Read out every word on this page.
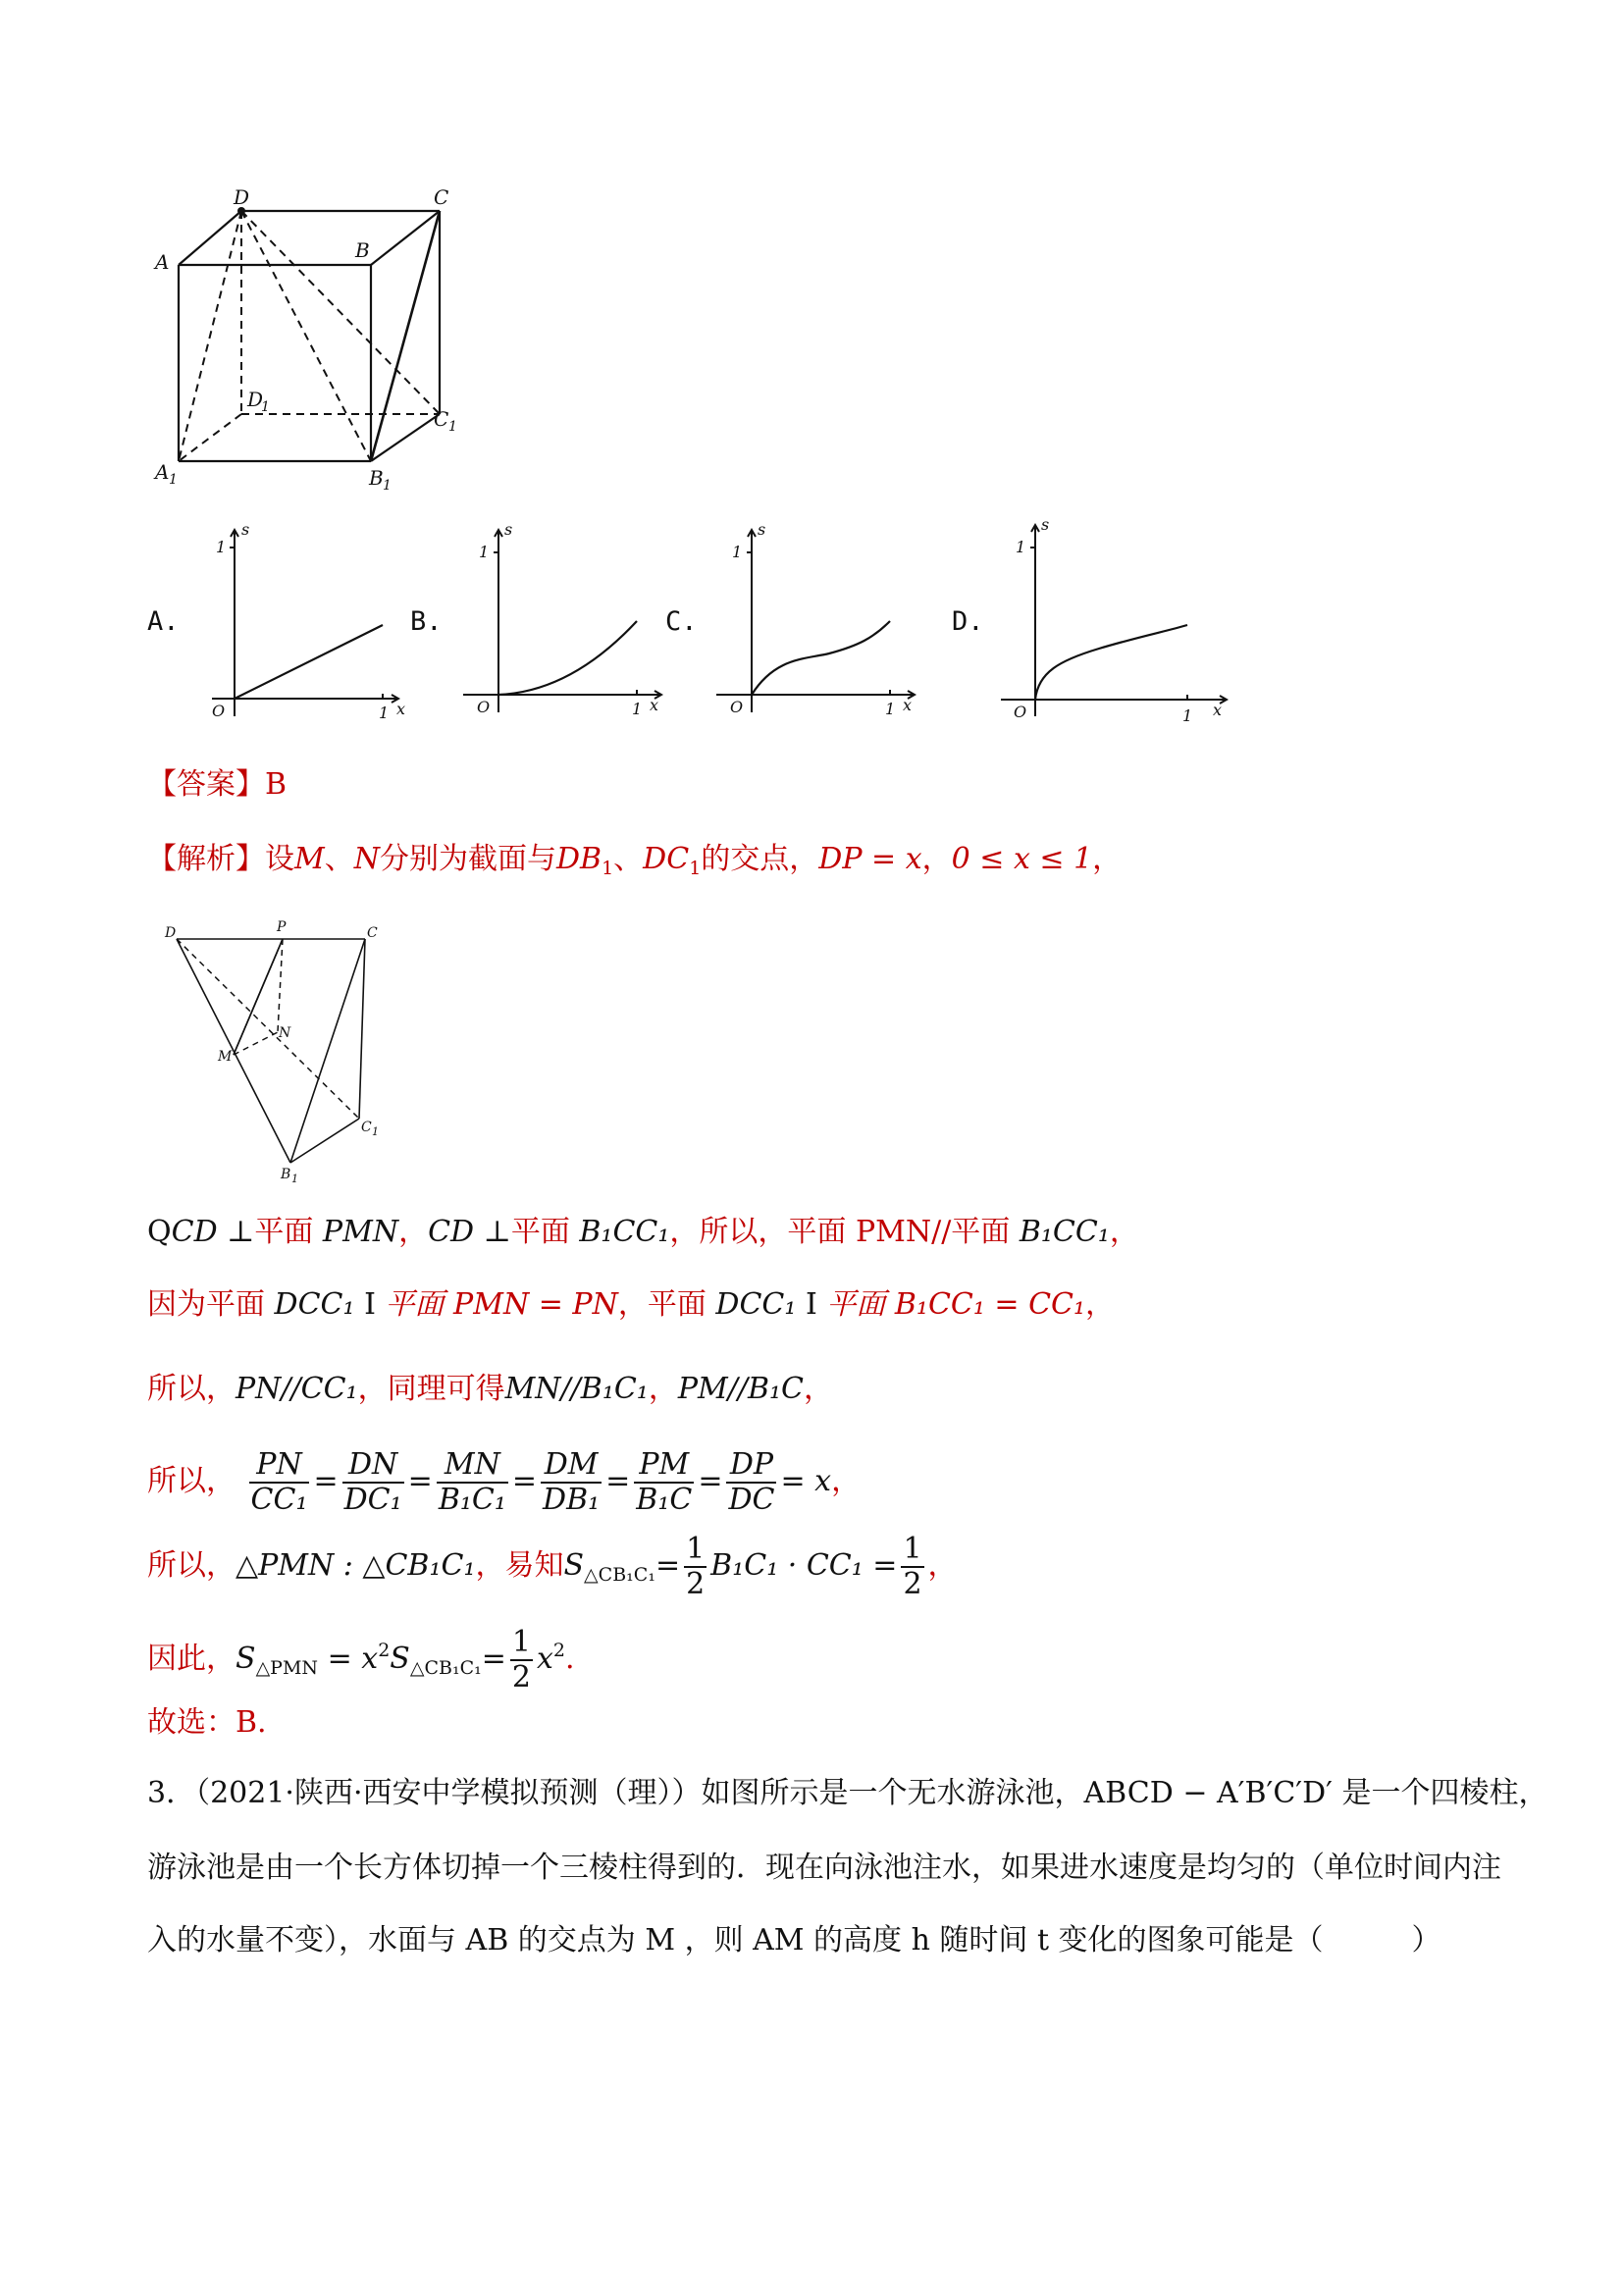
D	C
A	B
D
1	C 1
A 1	B 1
A.
s
1
O	1 x
B.
s
1
O	1 x
C.
s
1
O	1 x
D.
s
1
O	1 x
【答案】B
【解析】设M、N分别为截面与$DB_1$、$DC_1$的交点，DP = x，0 ≤ x ≤ 1，
D	P	C
N
M
C 1
B 1
QCD ⊥平面 PMN，CD ⊥平面 B₁CC₁，所以，平面 PMN//平面 B₁CC₁，
因为平面 DCC₁ I 平面 PMN = PN，平面 DCC₁ I 平面 B₁CC₁ = CC₁，
所以，PN//CC₁，同理可得MN//B₁C₁，PM//B₁C，
所以， $\frac{PN}{\text{CC₁}} = \frac{DN}{\text{DC₁}} = \frac{MN}{\text{B₁C₁}} = \frac{DM}{\text{DB₁}} = \frac{PM}{\text{B₁C}} = \frac{DP}{DC} = x$，
所以，△PMN : △CB₁C₁，易知$S_{\triangle CB_1C_1}= \frac{1}{2} B_1C_1 \cdot CC_1 = \frac{1}{2}$ ，
因此，$S_{\triangle PMN} = x^2S_{\triangle CB_1C_1}= \frac{1}{2} x^2$.
故选：B.
3．（2021·陕西·西安中学模拟预测（理））如图所示是一个无水游泳池，ABCD − A′B′C′D′ 是一个四棱柱，
游泳池是由一个长方体切掉一个三棱柱得到的．现在向泳池注水，如果进水速度是均匀的（单位时间内注
入的水量不变），水面与 AB 的交点为 M ，则 AM 的高度 h 随时间 t 变化的图象可能是（　　　）
